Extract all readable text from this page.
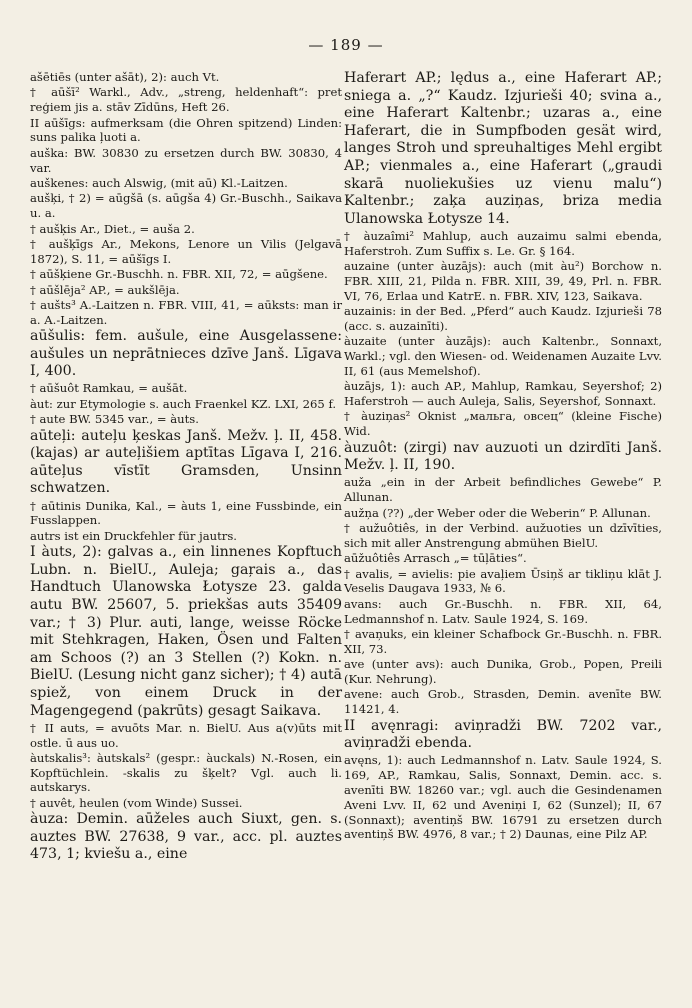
— 189 —
ašētiēs (unter ašāt), 2): auch Vt.
† aūšī² Warkl., Adv., „streng, heldenhaft“: pret reģiem jis a. stāv Zīdūns, Heft 26.
II aūšīgs: aufmerksam (die Ohren spitzend) Linden: suns palika ļuoti a.
auška: BW. 30830 zu ersetzen durch BW. 30830, 4 var.
auškenes: auch Alswig, (mit aū) Kl.-Laitzen.
aušķi, † 2) = aūgšā (s. aūgša 4) Gr.-Buschh., Saikava u. a.
† aušķis Ar., Diet., = auša 2.
† aušķīgs Ar., Mekons, Lenore un Vilis (Jelgavā 1872), S. 11, = aūšīgs I.
† aūšķiene Gr.-Buschh. n. FBR. XII, 72, = aūgšene.
† aūšlēja² AP., = aukšlēja.
† aušts³ A.-Laitzen n. FBR. VIII, 41, = aūksts: man ir a. A.-Laitzen.
aūšulis: fem. aušule, eine Ausgelassene: aušules un neprātnieces dzīve Janš. Līgava I, 400.
† aūšuôt Ramkau, = aušāt.
àut: zur Etymologie s. auch Fraenkel KZ. LXI, 265 f.
† aute BW. 5345 var., = àuts.
aūteļi: auteļu ķeskas Janš. Mežv. ļ. II, 458. (kajas) ar auteļišiem aptītas Līgava I, 216. aūteļus vīstīt Gramsden, Unsinn schwatzen.
† aūtinis Dunika, Kal., = àuts 1, eine Fussbinde, ein Fusslappen.
autrs ist ein Druckfehler für jautrs.
I àuts, 2): galvas a., ein linnenes Kopftuch Lubn. n. BielU., Auleja; gaŗais a., das Handtuch Ulanowska Łotysze 23. galda autu BW. 25607, 5. priekšas auts 35409 var.; † 3) Plur. auti, lange, weisse Röcke mit Stehkragen, Haken, Ösen und Falten am Schoos (?) an 3 Stellen (?) Kokn. n. BielU. (Lesung nicht ganz sicher); † 4) autā spiež, von einem Druck in der Magengegend (pakrūts) gesagt Saikava.
† II auts, = avuōts Mar. n. BielU. Aus a(v)ūts mit ostle. ū aus uo.
àutskalis³: àutskals² (gespr.: àuckals) N.-Rosen, ein Kopftüchlein. -skalis zu šķelt? Vgl. auch li. autskarys.
† auvêt, heulen (vom Winde) Sussei.
àuza: Demin. aūželes auch Siuxt, gen. s. auztes BW. 27638, 9 var., acc. pl. auztes 473, 1; kviešu a., eine
Haferart AP.; lędus a., eine Haferart AP.; sniega a. „?“ Kaudz. Izjurieši 40; svina a., eine Haferart Kaltenbr.; uzaras a., eine Haferart, die in Sumpfboden gesät wird, langes Stroh und spreuhaltiges Mehl ergibt AP.; vienmales a., eine Haferart („graudi skarā nuoliekušies uz vienu malu“) Kaltenbr.; zaķa auziņas, briza media Ulanowska Łotysze 14.
† àuzaîmi² Mahlup, auch auzaimu salmi ebenda, Haferstroh. Zum Suffix s. Le. Gr. § 164.
auzaine (unter àuzājs): auch (mit àu²) Borchow n. FBR. XIII, 21, Pilda n. FBR. XIII, 39, 49, Prl. n. FBR. VI, 76, Erlaa und KatrE. n. FBR. XIV, 123, Saikava.
auzainis: in der Bed. „Pferd“ auch Kaudz. Izjurieši 78 (acc. s. auzainīti).
àuzaite (unter àuzājs): auch Kaltenbr., Sonnaxt, Warkl.; vgl. den Wiesen- od. Weidenamen Auzaite Lvv. II, 61 (aus Memelshof).
àuzājs, 1): auch AP., Mahlup, Ramkau, Seyershof; 2) Haferstroh — auch Auleja, Salis, Seyershof, Sonnaxt.
† àuziņas² Oknist „мальга, овсец“ (kleine Fische) Wid.
àuzuôt: (zirgi) nav auzuoti un dzirdīti Janš. Mežv. ļ. II, 190.
auža „ein in der Arbeit befindliches Gewebe“ P. Allunan.
aužņa (??) „der Weber oder die Weberin“ P. Allunan.
† aužuôtiês, in der Verbind. aužuoties un dzīvīties, sich mit aller Anstrengung abmühen BielU.
aūžuôtiês Arrasch „= tūļāties“.
† avalis, = avielis: pie avaļiem Ūsiņš ar tikliņu klāt J. Veselis Daugava 1933, № 6.
avans: auch Gr.-Buschh. n. FBR. XII, 64, Ledmannshof n. Latv. Saule 1924, S. 169.
† avaņuks, ein kleiner Schafbock Gr.-Buschh. n. FBR. XII, 73.
ave (unter avs): auch Dunika, Grob., Popen, Preili (Kur. Nehrung).
avene: auch Grob., Strasden, Demin. avenīte BW. 11421, 4.
II avęnragi: aviņradži BW. 7202 var., aviņradži ebenda.
avęns, 1): auch Ledmannshof n. Latv. Saule 1924, S. 169, AP., Ramkau, Salis, Sonnaxt, Demin. acc. s. avenīti BW. 18260 var.; vgl. auch die Gesindenamen Aveni Lvv. II, 62 und Aveniņi I, 62 (Sunzel); II, 67 (Sonnaxt); aventiņš BW. 16791 zu ersetzen durch aventiņš BW. 4976, 8 var.; † 2) Daunas, eine Pilz AP.
